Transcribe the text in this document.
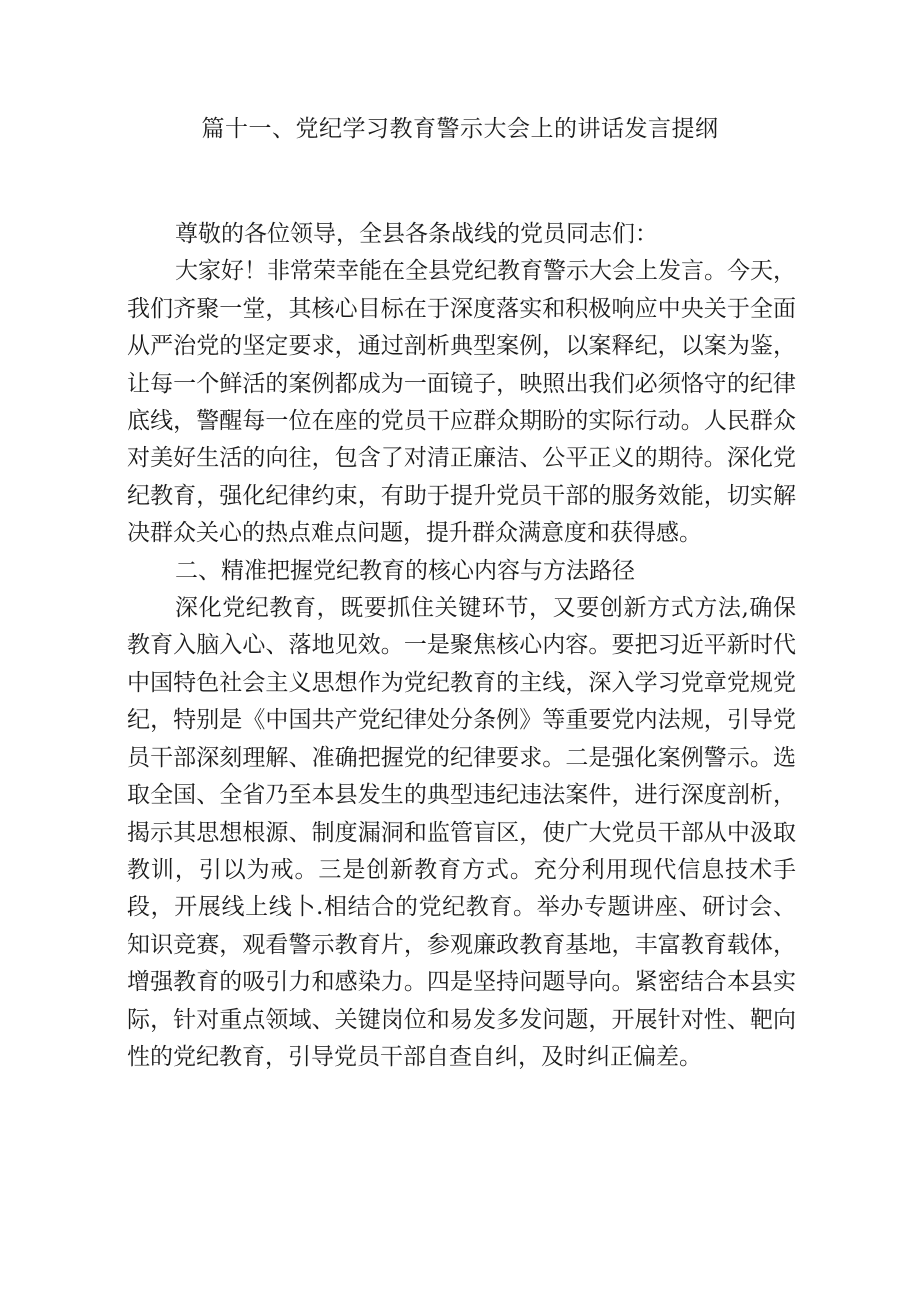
篇十一、党纪学习教育警示大会上的讲话发言提纲

尊敬的各位领导，全县各条战线的党员同志们：

大家好！非常荣幸能在全县党纪教育警示大会上发言。今天，我们齐聚一堂，其核心目标在于深度落实和积极响应中央关于全面从严治党的坚定要求，通过剖析典型案例，以案释纪，以案为鉴，让每一个鲜活的案例都成为一面镜子，映照出我们必须恪守的纪律底线，警醒每一位在座的党员干应群众期盼的实际行动。人民群众对美好生活的向往，包含了对清正廉洁、公平正义的期待。深化党纪教育，强化纪律约束，有助于提升党员干部的服务效能，切实解决群众关心的热点难点问题，提升群众满意度和获得感。

二、精准把握党纪教育的核心内容与方法路径

深化党纪教育，既要抓住关键环节，又要创新方式方法,确保教育入脑入心、落地见效。一是聚焦核心内容。要把习近平新时代中国特色社会主义思想作为党纪教育的主线，深入学习党章党规党纪，特别是《中国共产党纪律处分条例》等重要党内法规，引导党员干部深刻理解、准确把握党的纪律要求。二是强化案例警示。选取全国、全省乃至本县发生的典型违纪违法案件，进行深度剖析，揭示其思想根源、制度漏洞和监管盲区，使广大党员干部从中汲取教训，引以为戒。三是创新教育方式。充分利用现代信息技术手段，开展线上线卜.相结合的党纪教育。举办专题讲座、研讨会、知识竞赛，观看警示教育片，参观廉政教育基地，丰富教育载体，增强教育的吸引力和感染力。四是坚持问题导向。紧密结合本县实际，针对重点领域、关键岗位和易发多发问题，开展针对性、靶向性的党纪教育，引导党员干部自查自纠，及时纠正偏差。
